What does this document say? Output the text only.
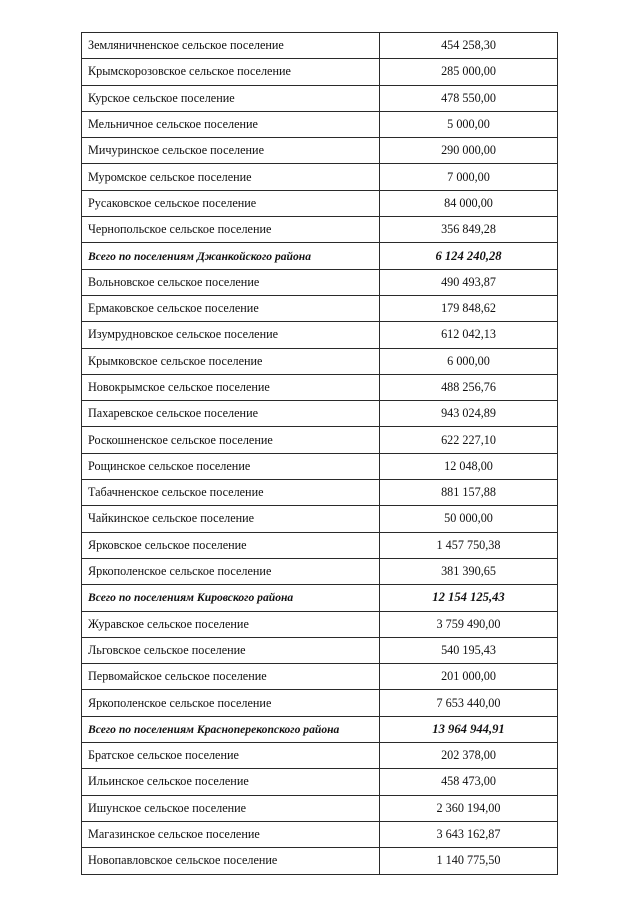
Земляничненское сельское поселение	454 258,30
Крымскорозовское сельское поселение	285 000,00
Курское сельское поселение	478 550,00
Мельничное сельское поселение	5 000,00
Мичуринское сельское поселение	290 000,00
Муромское сельское поселение	7 000,00
Русаковское сельское поселение	84 000,00
Чернопольское сельское поселение	356 849,28
Всего по поселениям Джанкойского района	6 124 240,28
Вольновское сельское поселение	490 493,87
Ермаковское сельское поселение	179 848,62
Изумрудновское сельское поселение	612 042,13
Крымковское сельское поселение	6 000,00
Новокрымское сельское поселение	488 256,76
Пахаревское сельское поселение	943 024,89
Роскошненское сельское поселение	622 227,10
Рощинское сельское поселение	12 048,00
Табачненское сельское поселение	881 157,88
Чайкинское сельское поселение	50 000,00
Ярковское сельское поселение	1 457 750,38
Яркополенское сельское поселение	381 390,65
Всего по поселениям Кировского района	12 154 125,43
Журавское сельское поселение	3 759 490,00
Льговское сельское поселение	540 195,43
Первомайское сельское поселение	201 000,00
Яркополенское сельское поселение	7 653 440,00
Всего по поселениям Красноперекопского района	13 964 944,91
Братское сельское поселение	202 378,00
Ильинское сельское поселение	458 473,00
Ишунское сельское поселение	2 360 194,00
Магазинское сельское поселение	3 643 162,87
Новопавловское сельское поселение	1 140 775,50
